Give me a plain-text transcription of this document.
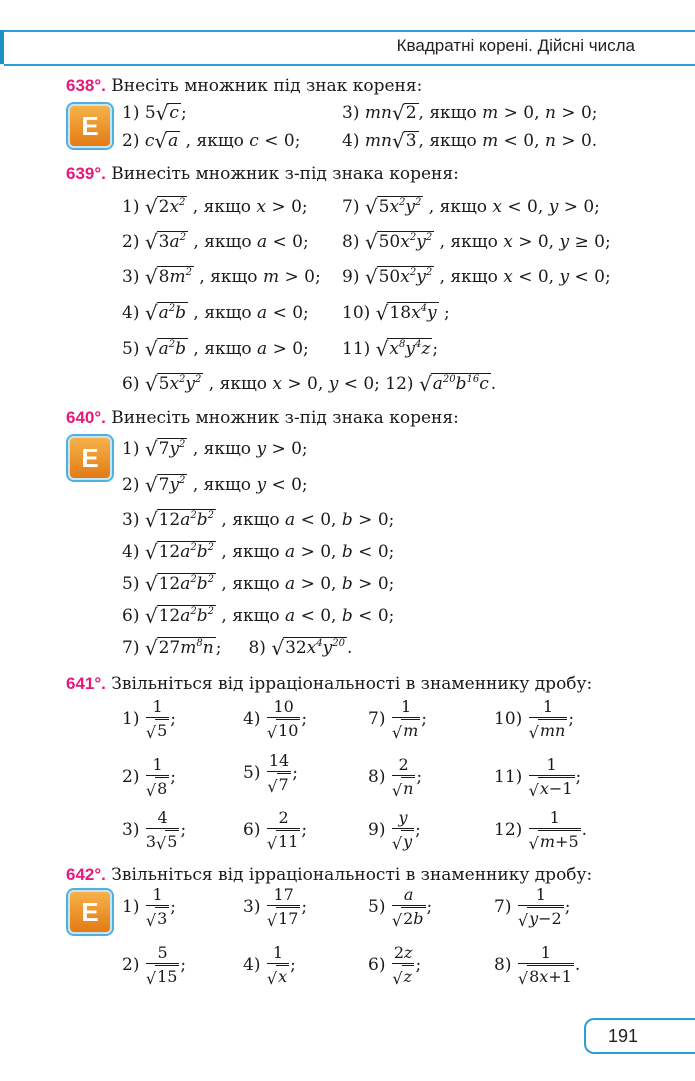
Квадратні корені. Дійсні числа
638°. Внесіть множник під знак кореня:
E 1) 5√c ;	3) mn√2 , якщо m > 0, n > 0;
2) c√a , якщо c < 0; 4) mn√3 , якщо m < 0, n > 0.
639°. Винесіть множник з-під знака кореня:
1) $√2x^2$ , якщо x > 0; 7) $√5x^2y^2$ , якщо x < 0, y > 0;
2) $√3a^2$ , якщо a < 0; 8) $√50x^2y^2$ , якщо x > 0, y ≥ 0;
3) $√8m^2$ , якщо m > 0; 9) $√50x^2y^2$ , якщо x < 0, y < 0;
4) $√a^2b$ , якщо a < 0; 10) $√18x^4y$ ;
5) $√a^2b$ , якщо a > 0; 11) $√x^8y^4z$ ;
6) $√5x^2y^2$ , якщо x > 0, y < 0; 12) $√a^{20}b^{16}c$ .
640°. Винесіть множник з-під знака кореня:
E 1) $√7y^2$ , якщо y > 0;
2) $√7y^2$ , якщо y < 0;
3) $√12a^2b^2$ , якщо a < 0, b > 0;
4) $√12a^2b^2$ , якщо a > 0, b < 0;
5) $√12a^2b^2$ , якщо a > 0, b > 0;
6) $√12a^2b^2$ , якщо a < 0, b < 0;
7) $√27m^8n$ ;     8) $√32x^4y^{20}$ .
641°. Звільніться від ірраціональності в знаменнику дробу:
$1) \frac{1}{√5}$ ;	$4) \frac{10}{√10}$ ;	$7) \frac{1}{√m}$ ;	$10) \frac{1}{√mn}$ ;
$2) \frac{1}{√8}$ ;	$5) \frac{14}{√7}$ ;	$8) \frac{2}{√n}$ ;	$11) \frac{1}{√x-1}$ ;
$3) \frac{4}{3√5}$ ;	$6) \frac{2}{√11}$ ;	$9) \frac{y}{√y}$ ;	$12) \frac{1}{√m+5}$ .
642°. Звільніться від ірраціональності в знаменнику дробу:
E $1) \frac{1}{√3}$ ;	$3) \frac{17}{√17}$ ;	$5) \frac{a}{√2b}$ ;	$7) \frac{1}{√y-2}$ ;
$2) \frac{5}{√15}$ ;	$4) \frac{1}{√x}$ ;	$6) \frac{2z}{√z}$ ;	$8) \frac{1}{√8x+1}$ .
191
